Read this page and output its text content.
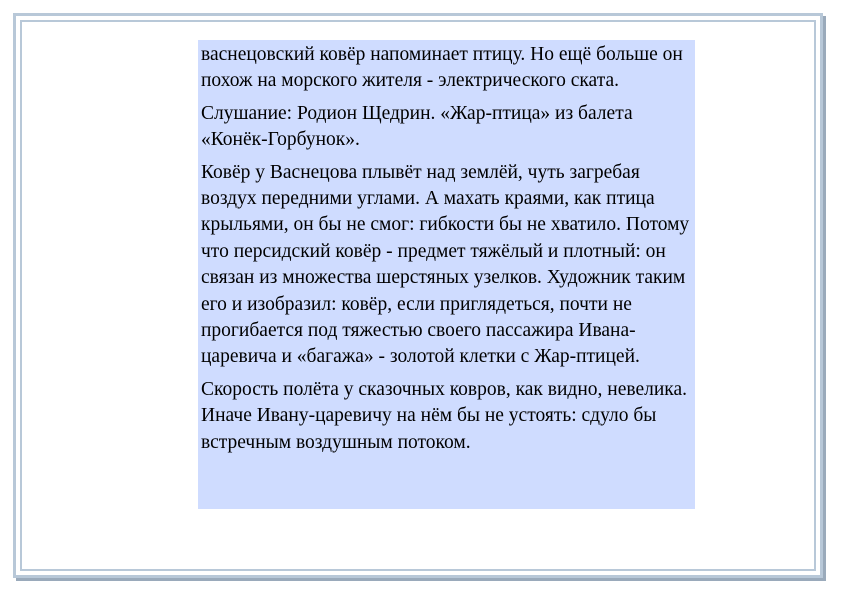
васнецовский ковёр напоминает птицу. Но ещё больше он похож на морского жителя - электрического ската.

Слушание: Родион Щедрин. «Жар-птица» из балета «Конёк-Горбунок».

Ковёр у Васнецова плывёт над землёй, чуть загребая воздух передними углами. А махать краями, как птица крыльями, он бы не смог: гибкости бы не хватило. Потому что персидский ковёр - предмет тяжёлый и плотный: он связан из множества шерстяных узелков. Художник таким его и изобразил: ковёр, если приглядеться, почти не прогибается под тяжестью своего пассажира Ивана-царевича и «багажа» - золотой клетки с Жар-птицей.

Скорость полёта у сказочных ковров, как видно, невелика. Иначе Ивану-царевичу на нём бы не устоять: сдуло бы встречным воздушным потоком.
